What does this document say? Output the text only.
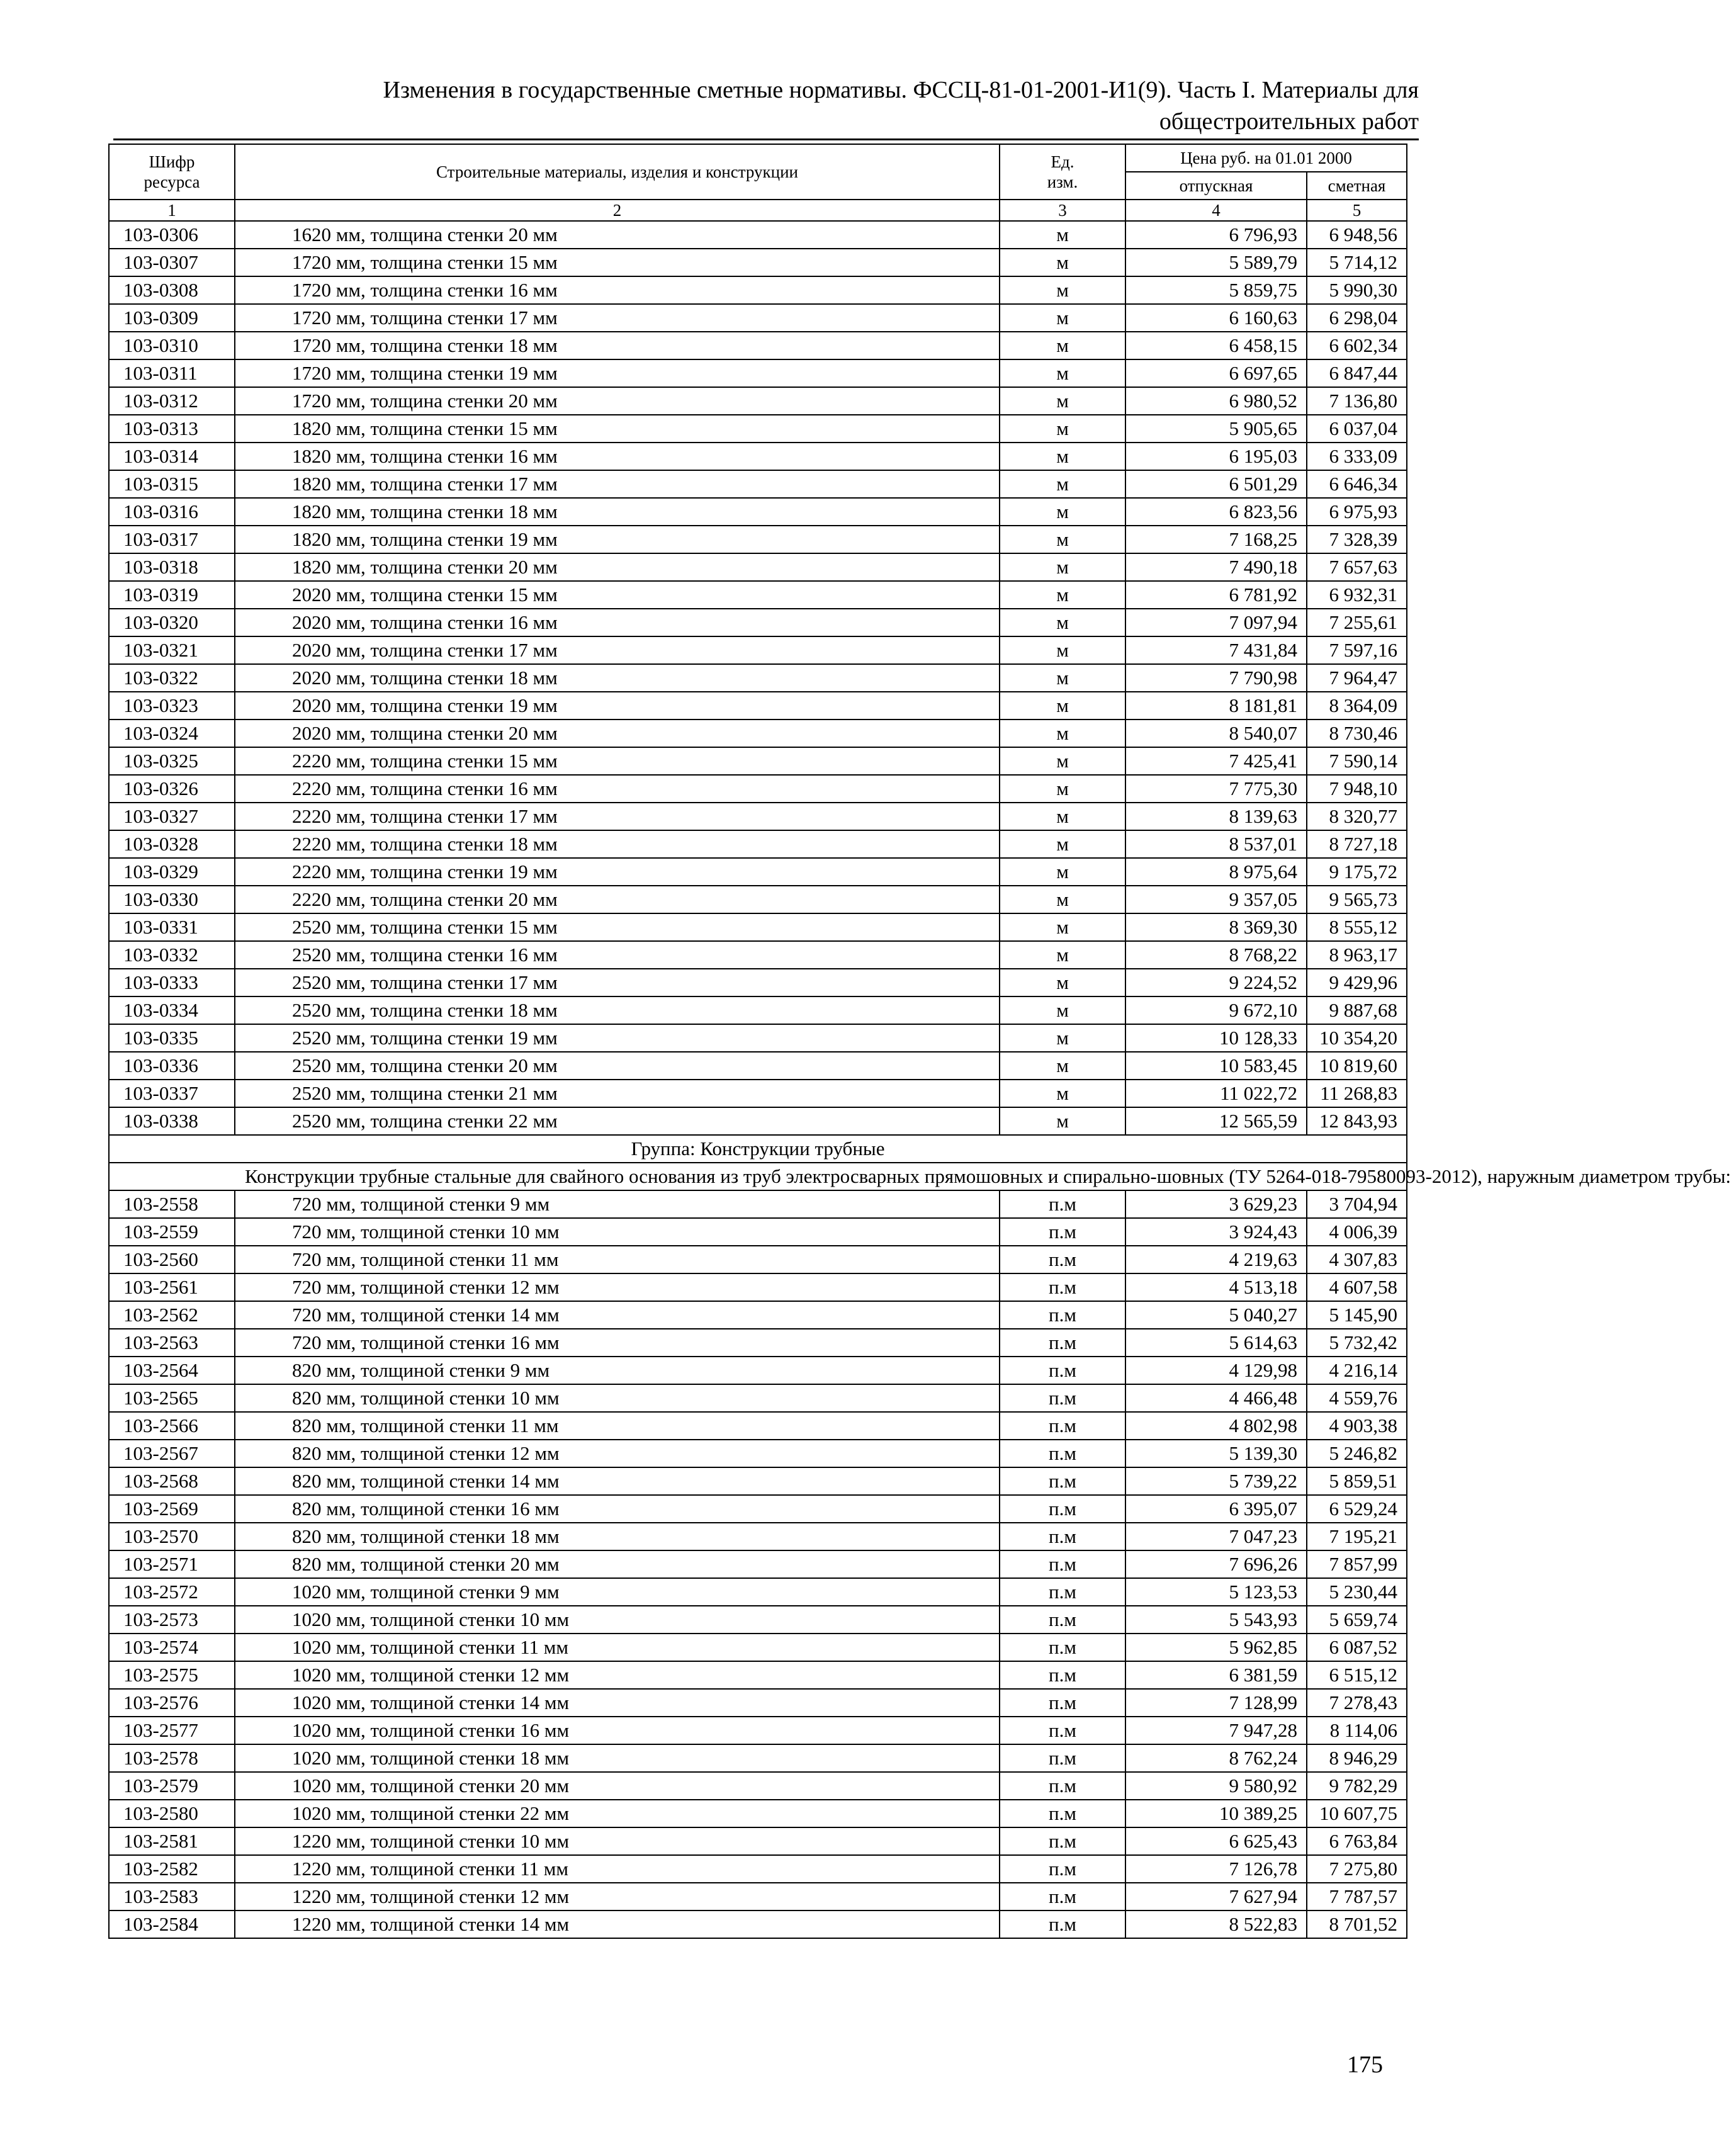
Изменения в государственные сметные нормативы. ФССЦ-81-01-2001-И1(9). Часть I. Материалы для
общестроительных работ
Шифр ресурса	Строительные материалы, изделия и конструкции	Ед. изм.	Цена руб. на 01.01 2000	
			отпускная	сметная
1	2	3	4	5
103-0306	1620 мм, толщина стенки 20 мм	м	6 796,93	6 948,56
103-0307	1720 мм, толщина стенки 15 мм	м	5 589,79	5 714,12
103-0308	1720 мм, толщина стенки 16 мм	м	5 859,75	5 990,30
103-0309	1720 мм, толщина стенки 17 мм	м	6 160,63	6 298,04
103-0310	1720 мм, толщина стенки 18 мм	м	6 458,15	6 602,34
103-0311	1720 мм, толщина стенки 19 мм	м	6 697,65	6 847,44
103-0312	1720 мм, толщина стенки 20 мм	м	6 980,52	7 136,80
103-0313	1820 мм, толщина стенки 15 мм	м	5 905,65	6 037,04
103-0314	1820 мм, толщина стенки 16 мм	м	6 195,03	6 333,09
103-0315	1820 мм, толщина стенки 17 мм	м	6 501,29	6 646,34
103-0316	1820 мм, толщина стенки 18 мм	м	6 823,56	6 975,93
103-0317	1820 мм, толщина стенки 19 мм	м	7 168,25	7 328,39
103-0318	1820 мм, толщина стенки 20 мм	м	7 490,18	7 657,63
103-0319	2020 мм, толщина стенки 15 мм	м	6 781,92	6 932,31
103-0320	2020 мм, толщина стенки 16 мм	м	7 097,94	7 255,61
103-0321	2020 мм, толщина стенки 17 мм	м	7 431,84	7 597,16
103-0322	2020 мм, толщина стенки 18 мм	м	7 790,98	7 964,47
103-0323	2020 мм, толщина стенки 19 мм	м	8 181,81	8 364,09
103-0324	2020 мм, толщина стенки 20 мм	м	8 540,07	8 730,46
103-0325	2220 мм, толщина стенки 15 мм	м	7 425,41	7 590,14
103-0326	2220 мм, толщина стенки 16 мм	м	7 775,30	7 948,10
103-0327	2220 мм, толщина стенки 17 мм	м	8 139,63	8 320,77
103-0328	2220 мм, толщина стенки 18 мм	м	8 537,01	8 727,18
103-0329	2220 мм, толщина стенки 19 мм	м	8 975,64	9 175,72
103-0330	2220 мм, толщина стенки 20 мм	м	9 357,05	9 565,73
103-0331	2520 мм, толщина стенки 15 мм	м	8 369,30	8 555,12
103-0332	2520 мм, толщина стенки 16 мм	м	8 768,22	8 963,17
103-0333	2520 мм, толщина стенки 17 мм	м	9 224,52	9 429,96
103-0334	2520 мм, толщина стенки 18 мм	м	9 672,10	9 887,68
103-0335	2520 мм, толщина стенки 19 мм	м	10 128,33	10 354,20
103-0336	2520 мм, толщина стенки 20 мм	м	10 583,45	10 819,60
103-0337	2520 мм, толщина стенки 21 мм	м	11 022,72	11 268,83
103-0338	2520 мм, толщина стенки 22 мм	м	12 565,59	12 843,93
Группа: Конструкции трубные				
Конструкции трубные стальные для свайного основания из труб электросварных прямошовных и спирально-шовных (ТУ 5264-018-79580093-2012), наружным диаметром трубы:				
103-2558	720 мм, толщиной стенки 9 мм	п.м	3 629,23	3 704,94
103-2559	720 мм, толщиной стенки 10 мм	п.м	3 924,43	4 006,39
103-2560	720 мм, толщиной стенки 11 мм	п.м	4 219,63	4 307,83
103-2561	720 мм, толщиной стенки 12 мм	п.м	4 513,18	4 607,58
103-2562	720 мм, толщиной стенки 14 мм	п.м	5 040,27	5 145,90
103-2563	720 мм, толщиной стенки 16 мм	п.м	5 614,63	5 732,42
103-2564	820 мм, толщиной стенки 9 мм	п.м	4 129,98	4 216,14
103-2565	820 мм, толщиной стенки 10 мм	п.м	4 466,48	4 559,76
103-2566	820 мм, толщиной стенки 11 мм	п.м	4 802,98	4 903,38
103-2567	820 мм, толщиной стенки 12 мм	п.м	5 139,30	5 246,82
103-2568	820 мм, толщиной стенки 14 мм	п.м	5 739,22	5 859,51
103-2569	820 мм, толщиной стенки 16 мм	п.м	6 395,07	6 529,24
103-2570	820 мм, толщиной стенки 18 мм	п.м	7 047,23	7 195,21
103-2571	820 мм, толщиной стенки 20 мм	п.м	7 696,26	7 857,99
103-2572	1020 мм, толщиной стенки 9 мм	п.м	5 123,53	5 230,44
103-2573	1020 мм, толщиной стенки 10 мм	п.м	5 543,93	5 659,74
103-2574	1020 мм, толщиной стенки 11 мм	п.м	5 962,85	6 087,52
103-2575	1020 мм, толщиной стенки 12 мм	п.м	6 381,59	6 515,12
103-2576	1020 мм, толщиной стенки 14 мм	п.м	7 128,99	7 278,43
103-2577	1020 мм, толщиной стенки 16 мм	п.м	7 947,28	8 114,06
103-2578	1020 мм, толщиной стенки 18 мм	п.м	8 762,24	8 946,29
103-2579	1020 мм, толщиной стенки 20 мм	п.м	9 580,92	9 782,29
103-2580	1020 мм, толщиной стенки 22 мм	п.м	10 389,25	10 607,75
103-2581	1220 мм, толщиной стенки 10 мм	п.м	6 625,43	6 763,84
103-2582	1220 мм, толщиной стенки 11 мм	п.м	7 126,78	7 275,80
103-2583	1220 мм, толщиной стенки 12 мм	п.м	7 627,94	7 787,57
103-2584	1220 мм, толщиной стенки 14 мм	п.м	8 522,83	8 701,52
175
